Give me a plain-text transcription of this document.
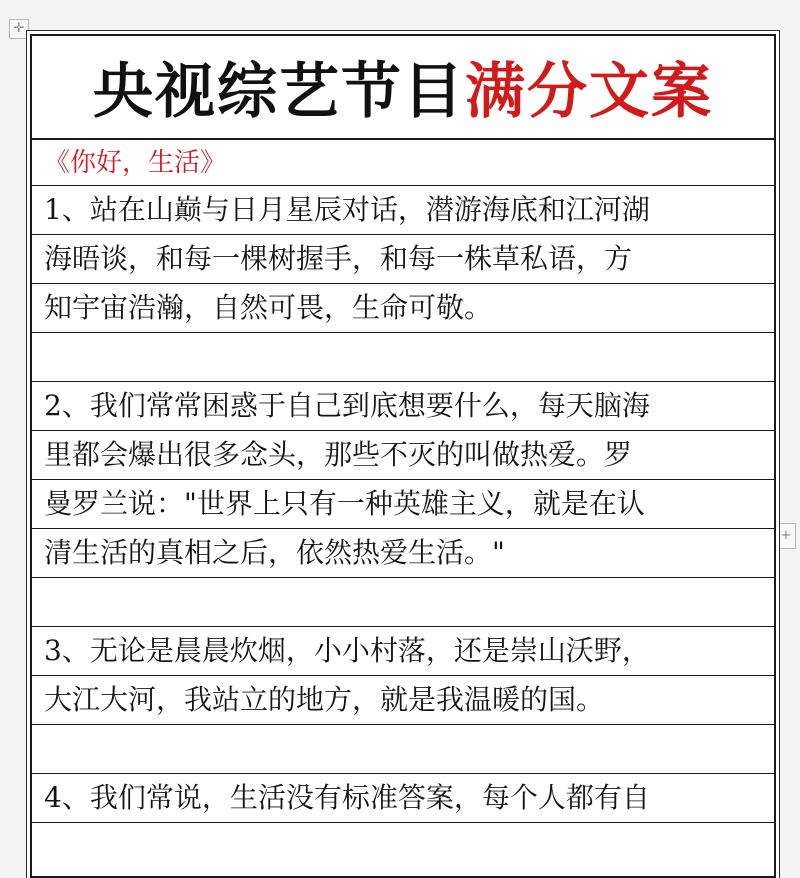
✛
+
央视综艺节目 满分文案
《你好，生活》
1、站在山巅与日月星辰对话，潜游海底和江河湖
海晤谈，和每一棵树握手，和每一株草私语，方
知宇宙浩瀚，自然可畏，生命可敬。
2、我们常常困惑于自己到底想要什么，每天脑海
里都会爆出很多念头，那些不灭的叫做热爱。罗
曼罗兰说："世界上只有一种英雄主义，就是在认
清生活的真相之后，依然热爱生活。"
3、无论是晨晨炊烟，小小村落，还是崇山沃野，
大江大河，我站立的地方，就是我温暖的国。
4、我们常说，生活没有标准答案，每个人都有自
